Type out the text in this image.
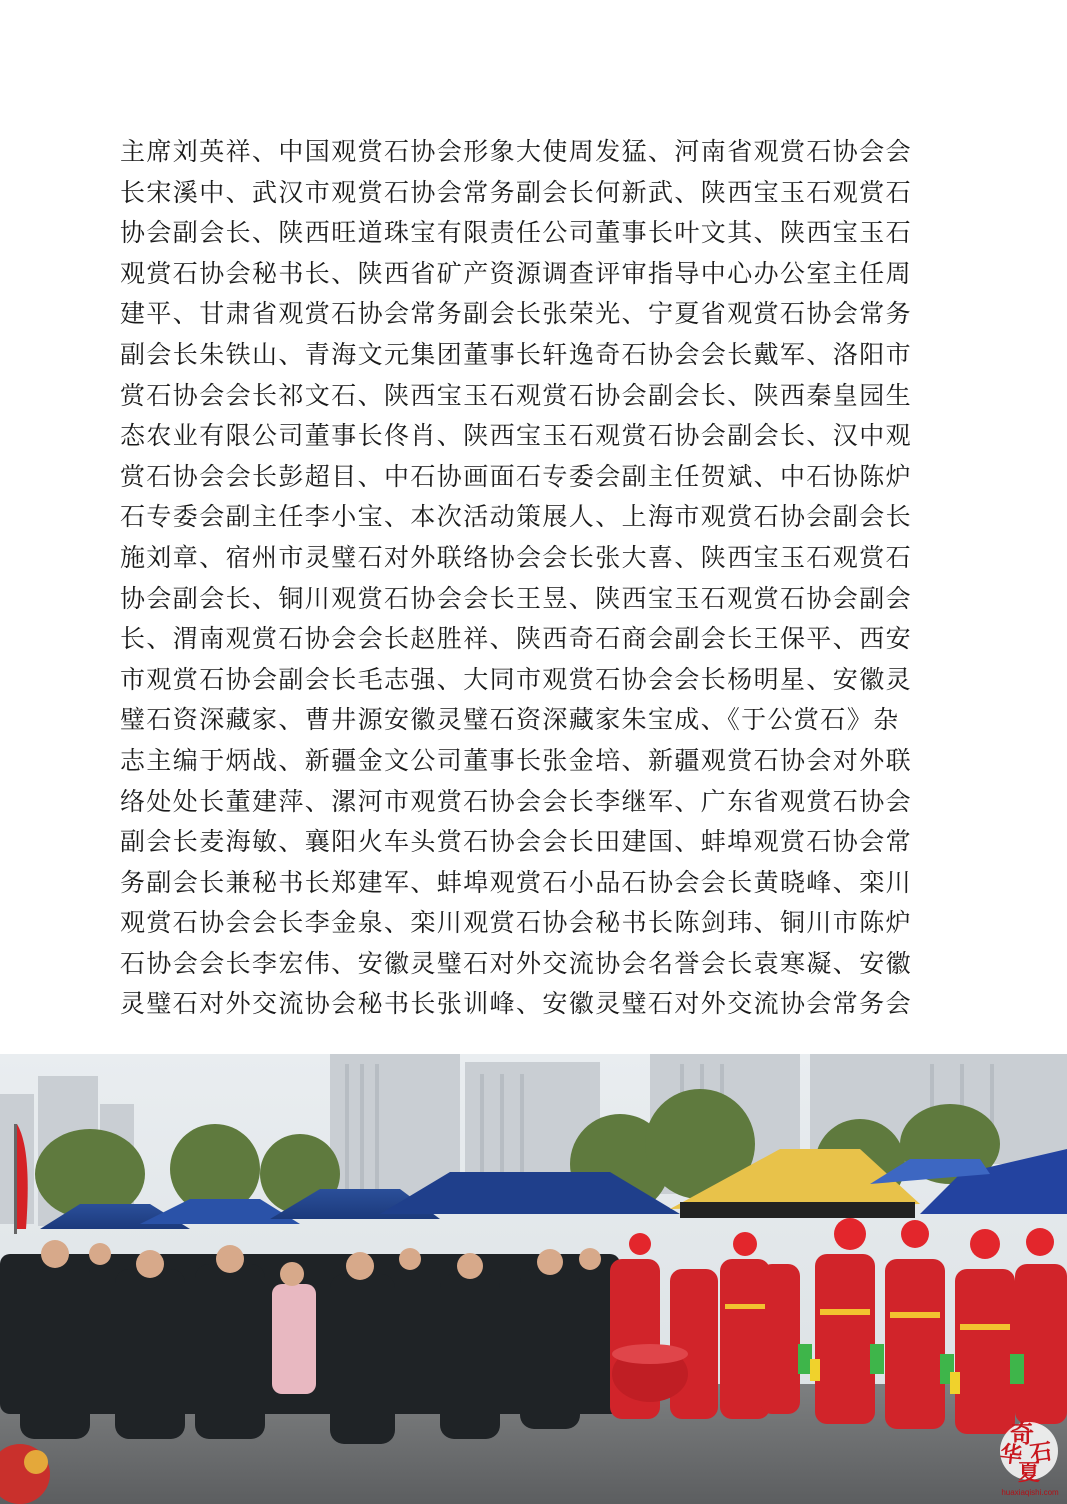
主席刘英祥、中国观赏石协会形象大使周发猛、河南省观赏石协会会
长宋溪中、武汉市观赏石协会常务副会长何新武、陕西宝玉石观赏石
协会副会长、陕西旺道珠宝有限责任公司董事长叶文其、陕西宝玉石
观赏石协会秘书长、陕西省矿产资源调查评审指导中心办公室主任周
建平、甘肃省观赏石协会常务副会长张荣光、宁夏省观赏石协会常务
副会长朱铁山、青海文元集团董事长轩逸奇石协会会长戴军、洛阳市
赏石协会会长祁文石、陕西宝玉石观赏石协会副会长、陕西秦皇园生
态农业有限公司董事长佟肖、陕西宝玉石观赏石协会副会长、汉中观
赏石协会会长彭超目、中石协画面石专委会副主任贺斌、中石协陈炉
石专委会副主任李小宝、本次活动策展人、上海市观赏石协会副会长
施刘章、宿州市灵璧石对外联络协会会长张大喜、陕西宝玉石观赏石
协会副会长、铜川观赏石协会会长王昱、陕西宝玉石观赏石协会副会
长、渭南观赏石协会会长赵胜祥、陕西奇石商会副会长王保平、西安
市观赏石协会副会长毛志强、大同市观赏石协会会长杨明星、安徽灵
璧石资深藏家、曹井源安徽灵璧石资深藏家朱宝成、《于公赏石》杂
志主编于炳战、新疆金文公司董事长张金培、新疆观赏石协会对外联
络处处长董建萍、漯河市观赏石协会会长李继军、广东省观赏石协会
副会长麦海敏、襄阳火车头赏石协会会长田建国、蚌埠观赏石协会常
务副会长兼秘书长郑建军、蚌埠观赏石小品石协会会长黄晓峰、栾川
观赏石协会会长李金泉、栾川观赏石协会秘书长陈剑玮、铜川市陈炉
石协会会长李宏伟、安徽灵璧石对外交流协会名誉会长袁寒凝、安徽
灵璧石对外交流协会秘书长张训峰、安徽灵璧石对外交流协会常务会
奇
石
华
夏
huaxiaqishi.com
